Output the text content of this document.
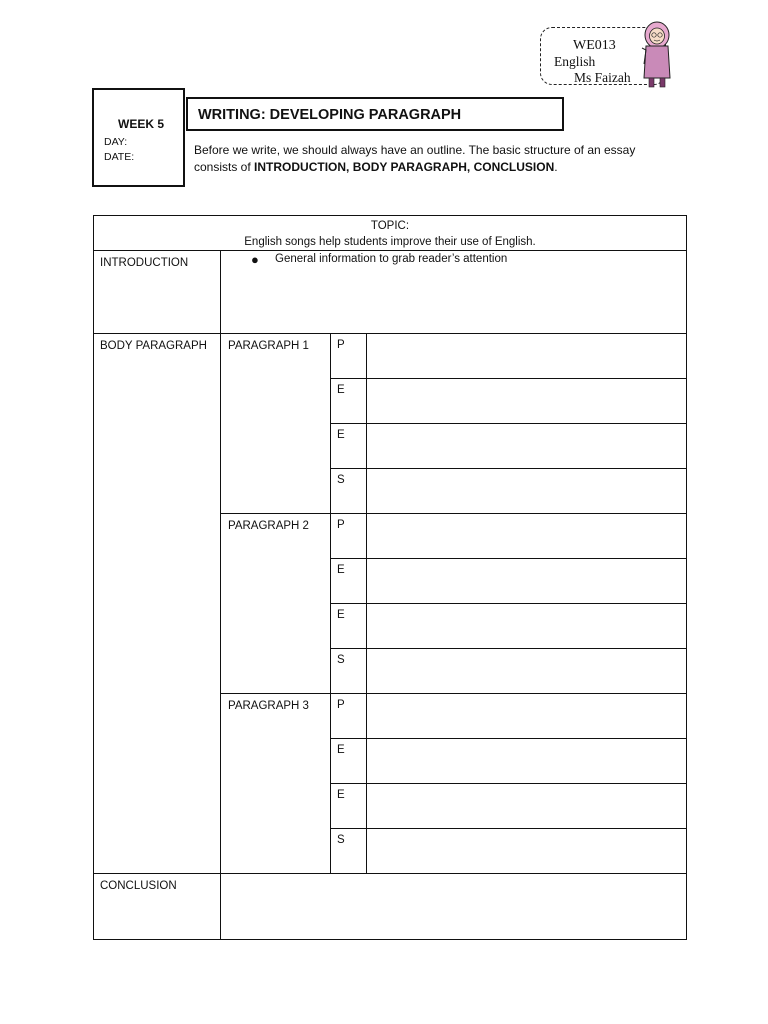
WE013
English
Ms Faizah
WEEK 5
DAY:
DATE:
WRITING: DEVELOPING PARAGRAPH
Before we write, we should always have an outline. The basic structure of an essay consists of INTRODUCTION, BODY PARAGRAPH, CONCLUSION.
TOPIC:
English songs help students improve their use of English.			

INTRODUCTION	● General information to grab reader’s attention		

BODY PARAGRAPH	PARAGRAPH 1	P	
		E	
		E	
		S	
	PARAGRAPH 2	P	
		E	
		E	
		S	
	PARAGRAPH 3	P	
		E	
		E	
		S	
CONCLUSION			
